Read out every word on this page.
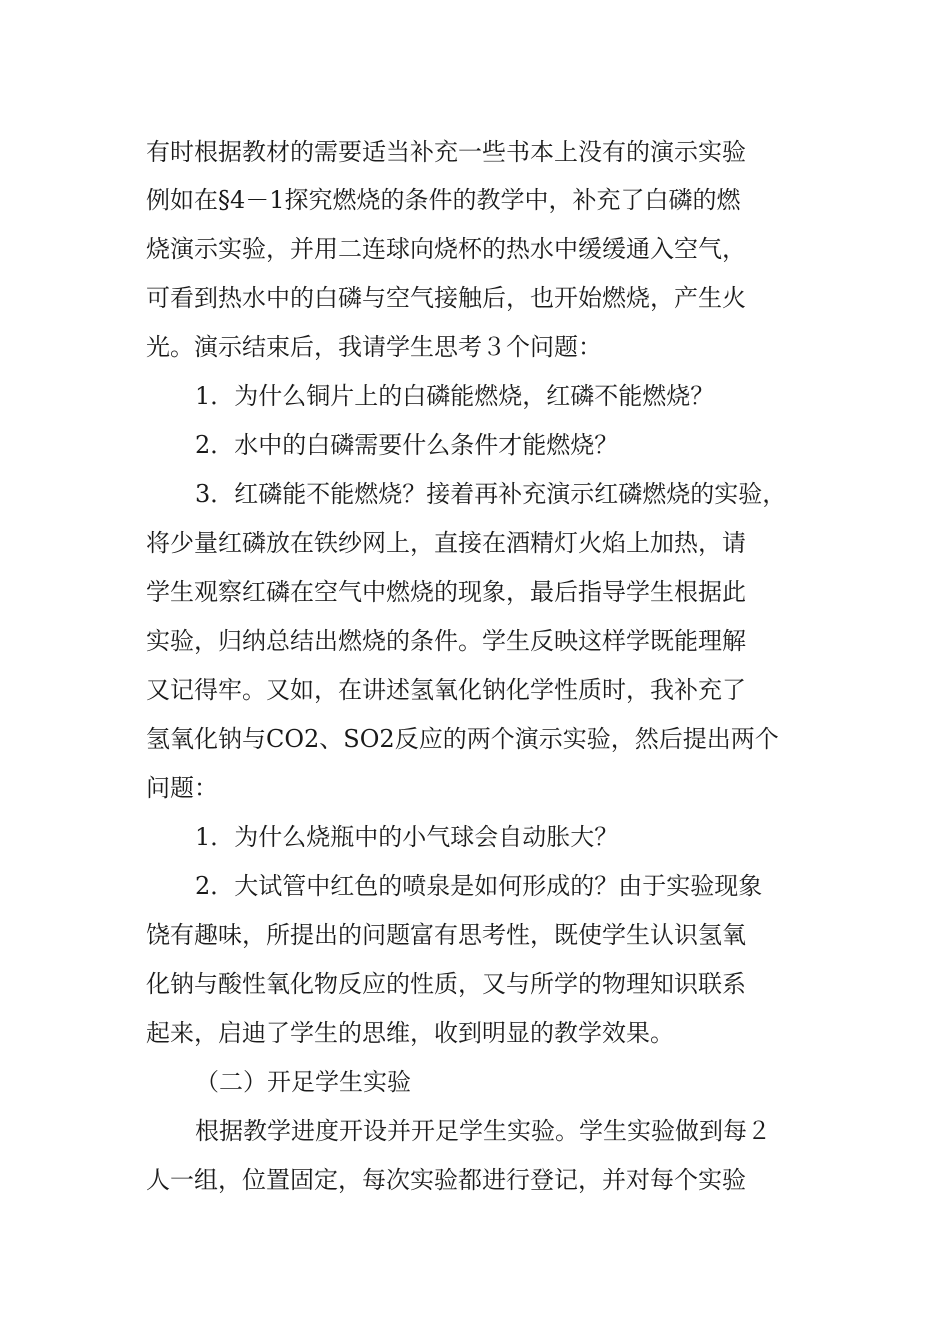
有时根据教材的需要适当补充一些书本上没有的演示实验
例如在§4－1探究燃烧的条件的教学中，补充了白磷的燃
烧演示实验，并用二连球向烧杯的热水中缓缓通入空气，
可看到热水中的白磷与空气接触后，也开始燃烧，产生火
光。演示结束后，我请学生思考３个问题：
1．为什么铜片上的白磷能燃烧，红磷不能燃烧？
2．水中的白磷需要什么条件才能燃烧？
3．红磷能不能燃烧？接着再补充演示红磷燃烧的实验，
将少量红磷放在铁纱网上，直接在酒精灯火焰上加热，请
学生观察红磷在空气中燃烧的现象，最后指导学生根据此
实验，归纳总结出燃烧的条件。学生反映这样学既能理解
又记得牢。又如，在讲述氢氧化钠化学性质时，我补充了
氢氧化钠与CO2、SO2反应的两个演示实验，然后提出两个
问题：
1．为什么烧瓶中的小气球会自动胀大？
2．大试管中红色的喷泉是如何形成的？由于实验现象
饶有趣味，所提出的问题富有思考性，既使学生认识氢氧
化钠与酸性氧化物反应的性质，又与所学的物理知识联系
起来，启迪了学生的思维，收到明显的教学效果。
（二）开足学生实验
根据教学进度开设并开足学生实验。学生实验做到每２
人一组，位置固定，每次实验都进行登记，并对每个实验
